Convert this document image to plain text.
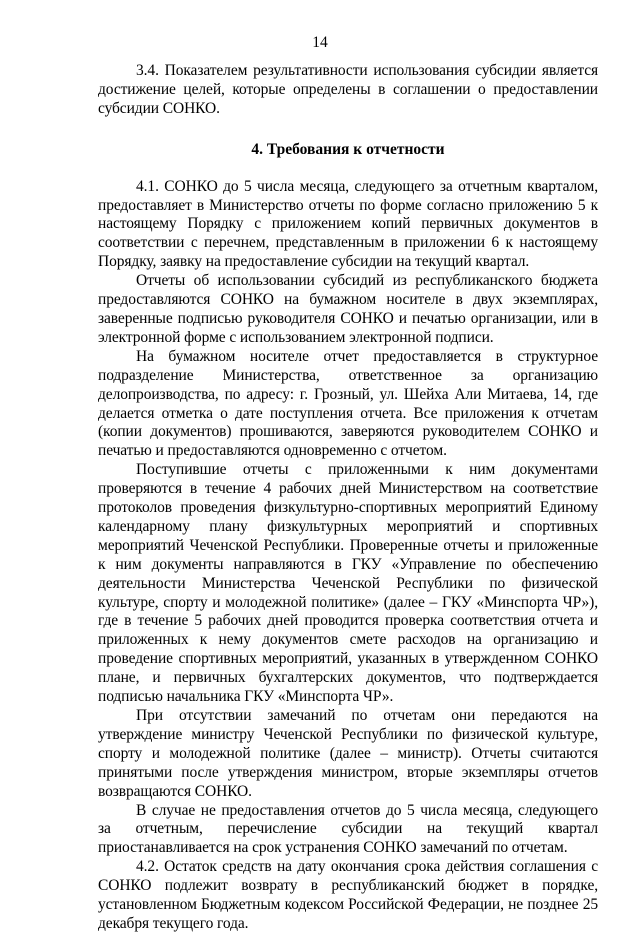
14

3.4. Показателем результативности использования субсидии является достижение целей, которые определены в соглашении о предоставлении субсидии СОНКО.

4. Требования к отчетности

4.1. СОНКО до 5 числа месяца, следующего за отчетным кварталом, предоставляет в Министерство отчеты по форме согласно приложению 5 к настоящему Порядку с приложением копий первичных документов в соответствии с перечнем, представленным в приложении 6 к настоящему Порядку, заявку на предоставление субсидии на текущий квартал.

Отчеты об использовании субсидий из республиканского бюджета предоставляются СОНКО на бумажном носителе в двух экземплярах, заверенные подписью руководителя СОНКО и печатью организации, или в электронной форме с использованием электронной подписи.

На бумажном носителе отчет предоставляется в структурное подразделение Министерства, ответственное за организацию делопроизводства, по адресу: г. Грозный, ул. Шейха Али Митаева, 14, где делается отметка о дате поступления отчета. Все приложения к отчетам (копии документов) прошиваются, заверяются руководителем СОНКО и печатью и предоставляются одновременно с отчетом.

Поступившие отчеты с приложенными к ним документами проверяются в течение 4 рабочих дней Министерством на соответствие протоколов проведения физкультурно-спортивных мероприятий Единому календарному плану физкультурных мероприятий и спортивных мероприятий Чеченской Республики. Проверенные отчеты и приложенные к ним документы направляются в ГКУ «Управление по обеспечению деятельности Министерства Чеченской Республики по физической культуре, спорту и молодежной политике» (далее – ГКУ «Минспорта ЧР»), где в течение 5 рабочих дней проводится проверка соответствия отчета и приложенных к нему документов смете расходов на организацию и проведение спортивных мероприятий, указанных в утвержденном СОНКО плане, и первичных бухгалтерских документов, что подтверждается подписью начальника ГКУ «Минспорта ЧР».

При отсутствии замечаний по отчетам они передаются на утверждение министру Чеченской Республики по физической культуре, спорту и молодежной политике (далее – министр). Отчеты считаются принятыми после утверждения министром, вторые экземпляры отчетов возвращаются СОНКО.

В случае не предоставления отчетов до 5 числа месяца, следующего за отчетным, перечисление субсидии на текущий квартал приостанавливается на срок устранения СОНКО замечаний по отчетам.

4.2. Остаток средств на дату окончания срока действия соглашения с СОНКО подлежит возврату в республиканский бюджет в порядке, установленном Бюджетным кодексом Российской Федерации, не позднее 25 декабря текущего года.
